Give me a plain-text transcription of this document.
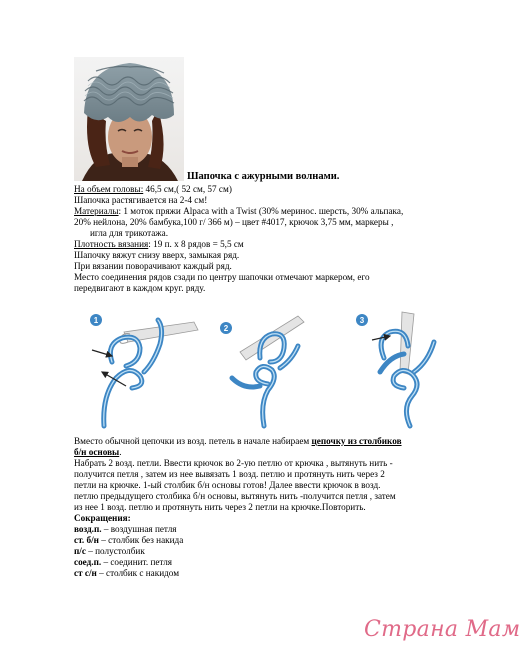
Шапочка с ажурными волнами.
На объем головы: 46,5 см,( 52 см, 57 см)
Шапочка растягивается на 2-4 см!
Материалы: 1 моток пряжи Alpaca with a Twist (30% меринос. шерсть, 30% альпака,
20% нейлона, 20% бамбука,100 г/ 366 м) – цвет #4017, крючок 3,75 мм, маркеры ,
игла для трикотажа.
Плотность вязания: 19 п. х 8 рядов = 5,5 см
Шапочку вяжут снизу вверх, замыкая ряд.
При вязании поворачивают каждый ряд.
Место соединения рядов сзади по центру шапочки отмечают маркером, его
передвигают в каждом круг. ряду.
1
2
3
Вместо обычной цепочки из возд. петель в начале набираем цепочку из столбиков
б/н основы.
Набрать 2 возд. петли. Ввести крючок во 2-ую петлю от крючка , вытянуть нить -
получится петля , затем из нее вывязать 1 возд. петлю и протянуть нить через 2
петли на крючке. 1-ый столбик б/н основы готов! Далее ввести крючок в возд.
петлю предыдущего столбика б/н основы, вытянуть нить -получится петля , затем
из нее 1 возд. петлю и протянуть нить через 2 петли на крючке.Повторить.
Сокращения:
возд.п. – воздушная петля
ст. б/н – столбик без накида
п/с – полустолбик
соед.п. – соединит. петля
ст с/н – столбик с накидом
Страна Мам
